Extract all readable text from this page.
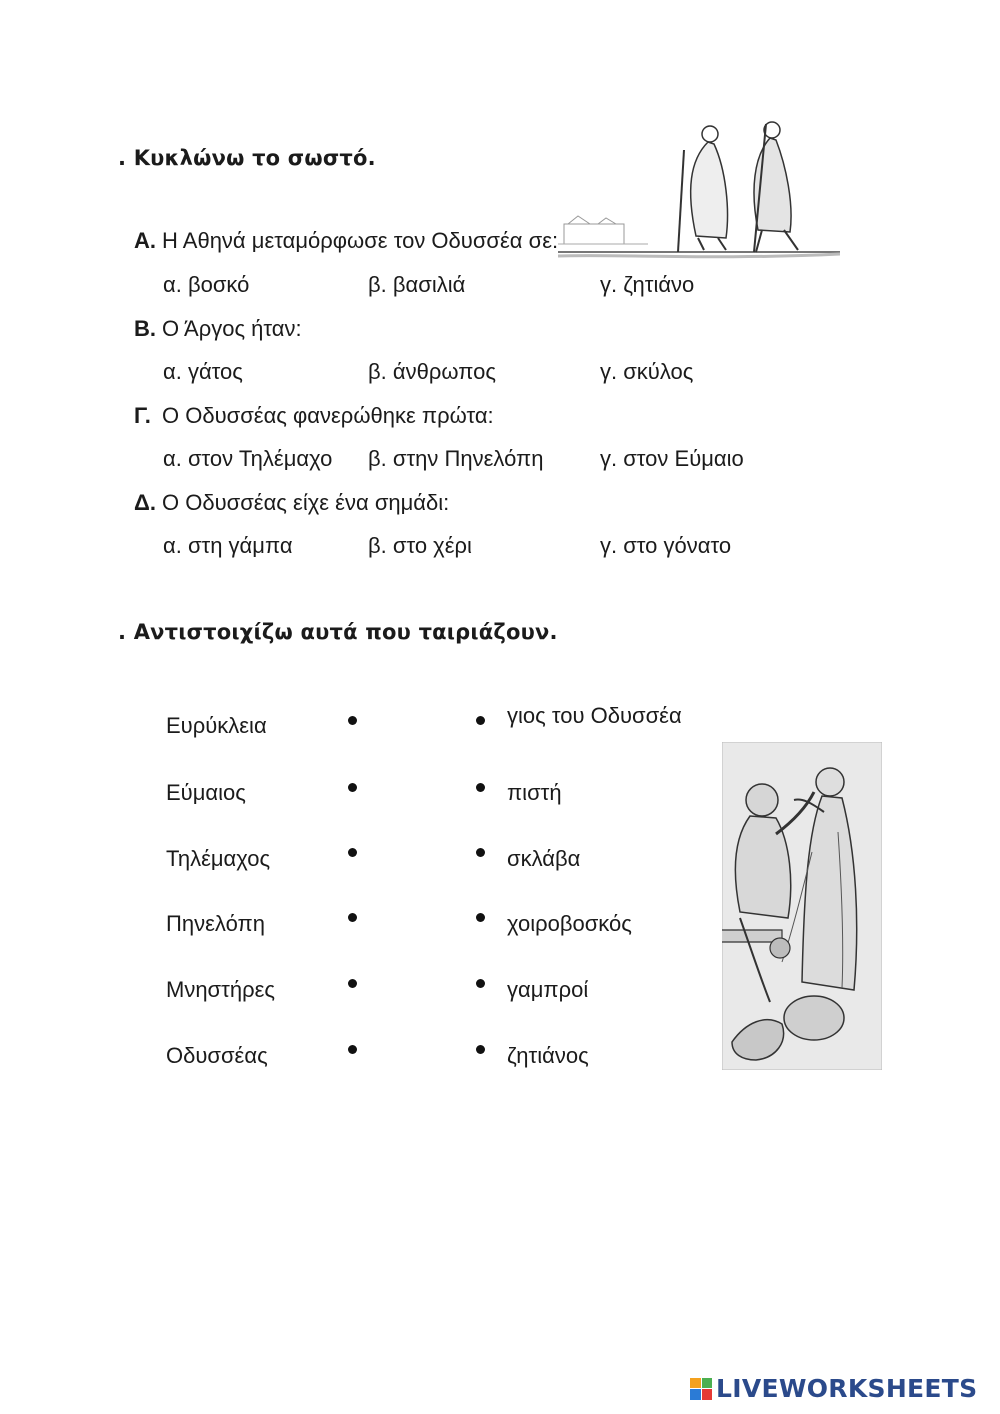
. Κυκλώνω το σωστό.
Α. Η Αθηνά μεταμόρφωσε τον Οδυσσέα σε:
α. βοσκό	β. βασιλιά	γ. ζητιάνο
Β. Ο Άργος ήταν:
α. γάτος	β. άνθρωπος	γ. σκύλος
Γ. Ο Οδυσσέας φανερώθηκε πρώτα:
α. στον Τηλέμαχο β. στην Πηνελόπη	γ. στον Εύμαιο
Δ. Ο Οδυσσέας είχε ένα σημάδι:
α. στη γάμπα	β. στο χέρι	γ. στο γόνατο
. Αντιστοιχίζω αυτά που ταιριάζουν.
Ευρύκλεια	γιος του Οδυσσέα
Εύμαιος	πιστή
Τηλέμαχος	σκλάβα
Πηνελόπη	χοιροβοσκός
Μνηστήρες	γαμπροί
Οδυσσέας	ζητιάνος
LIVEWORKSHEETS
